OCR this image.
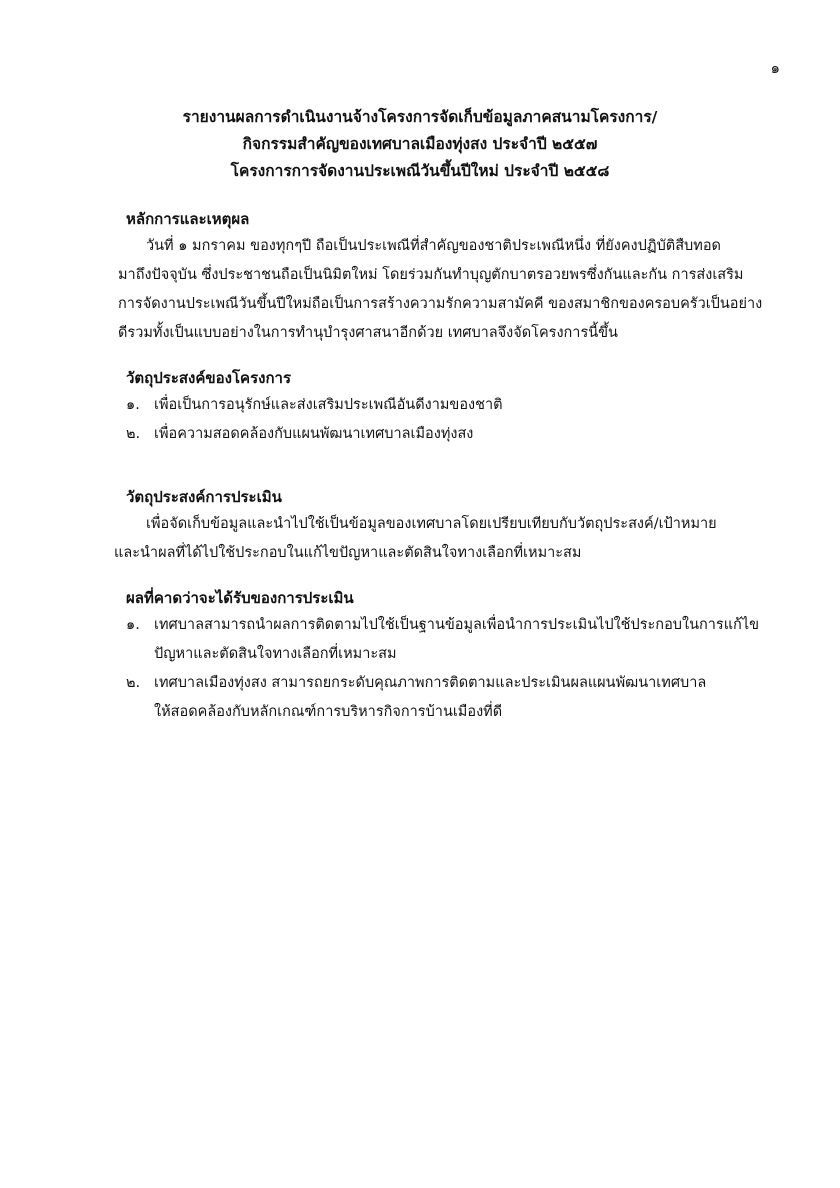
๑
รายงานผลการดำเนินงานจ้างโครงการจัดเก็บข้อมูลภาคสนามโครงการ/
กิจกรรมสำคัญของเทศบาลเมืองทุ่งสง ประจำปี ๒๕๕๗
โครงการการจัดงานประเพณีวันขึ้นปีใหม่ ประจำปี ๒๕๕๘
หลักการและเหตุผล
วันที่ ๑ มกราคม ของทุกๆปี ถือเป็นประเพณีที่สำคัญของชาติประเพณีหนึ่ง ที่ยังคงปฏิบัติสืบทอด
มาถึงปัจจุบัน ซึ่งประชาชนถือเป็นนิมิตใหม่ โดยร่วมกันทำบุญตักบาตรอวยพรซึ่งกันและกัน การส่งเสริม
การจัดงานประเพณีวันขึ้นปีใหม่ถือเป็นการสร้างความรักความสามัคคี ของสมาชิกของครอบครัวเป็นอย่าง
ดีรวมทั้งเป็นแบบอย่างในการทำนุบำรุงศาสนาอีกด้วย เทศบาลจึงจัดโครงการนี้ขึ้น
วัตถุประสงค์ของโครงการ
๑. เพื่อเป็นการอนุรักษ์และส่งเสริมประเพณีอันดีงามของชาติ
๒. เพื่อความสอดคล้องกับแผนพัฒนาเทศบาลเมืองทุ่งสง
วัตถุประสงค์การประเมิน
เพื่อจัดเก็บข้อมูลและนำไปใช้เป็นข้อมูลของเทศบาลโดยเปรียบเทียบกับวัตถุประสงค์/เป้าหมาย
และนำผลที่ได้ไปใช้ประกอบในแก้ไขปัญหาและตัดสินใจทางเลือกที่เหมาะสม
ผลที่คาดว่าจะได้รับของการประเมิน
๑. เทศบาลสามารถนำผลการติดตามไปใช้เป็นฐานข้อมูลเพื่อนำการประเมินไปใช้ประกอบในการแก้ไข
ปัญหาและตัดสินใจทางเลือกที่เหมาะสม
๒. เทศบาลเมืองทุ่งสง สามารถยกระดับคุณภาพการติดตามและประเมินผลแผนพัฒนาเทศบาล
ให้สอดคล้องกับหลักเกณฑ์การบริหารกิจการบ้านเมืองที่ดี
